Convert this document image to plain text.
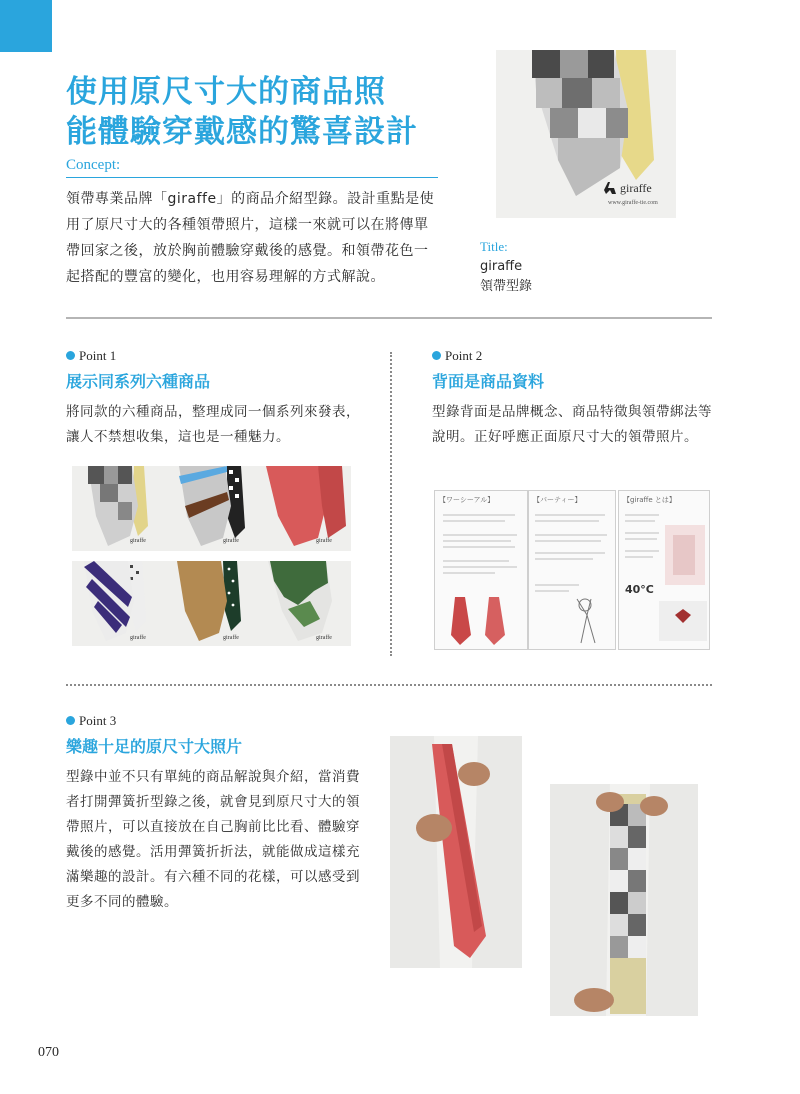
使用原尺寸大的商品照
能體驗穿戴感的驚喜設計
Concept:
領帶專業品牌「giraffe」的商品介紹型錄。設計重點是使用了原尺寸大的各種領帶照片，這樣一來就可以在將傳單帶回家之後，放於胸前體驗穿戴後的感覺。和領帶花色一起搭配的豐富的變化，也用容易理解的方式解說。
giraffe
www.giraffe-tie.com
Title:
giraffe
領帶型錄
Point 1
展示同系列六種商品
將同款的六種商品，整理成同一個系列來發表，讓人不禁想收集，這也是一種魅力。
giraffe	giraffe	giraffe
giraffe	giraffe	giraffe
Point 2
背面是商品資料
型錄背面是品牌概念、商品特徵與領帶綁法等說明。正好呼應正面原尺寸大的領帶照片。
【ワーシーアル】	【パーティー】	【giraffe とは】
40°C
Point 3
樂趣十足的原尺寸大照片
型錄中並不只有單純的商品解說與介紹，當消費者打開彈簧折型錄之後，就會見到原尺寸大的領帶照片，可以直接放在自己胸前比比看、體驗穿戴後的感覺。活用彈簧折折法，就能做成這樣充滿樂趣的設計。有六種不同的花樣，可以感受到更多不同的體驗。
070
